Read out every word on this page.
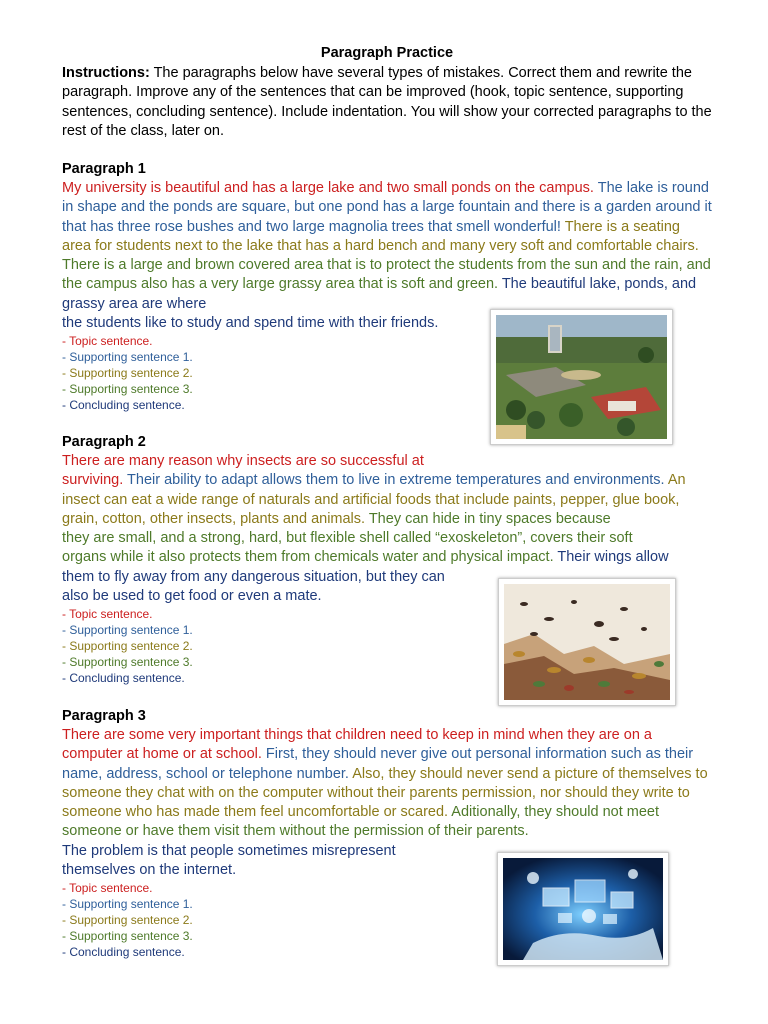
Paragraph Practice

Instructions: The paragraphs below have several types of mistakes. Correct them and rewrite the paragraph. Improve any of the sentences that can be improved (hook, topic sentence, supporting sentences, concluding sentence). Include indentation. You will show your corrected paragraphs to the rest of the class, later on.

Paragraph 1

My university is beautiful and has a large lake and two small ponds on the campus. The lake is round in shape and the ponds are square, but one pond has a large fountain and there is a garden around it that has three rose bushes and two large magnolia trees that smell wonderful! There is a seating area for students next to the lake that has a hard bench and many very soft and comfortable chairs. There is a large and brown covered area that is to protect the students from the sun and the rain, and the campus also has a very large grassy area that is soft and green. The beautiful lake, ponds, and grassy area are where
the students like to study and spend time with their friends.

- Topic sentence.
- Supporting sentence 1.
- Supporting sentence 2.
- Supporting sentence 3.
- Concluding sentence.
Paragraph 2

There are many reason why insects are so successful at
surviving. Their ability to adapt allows them to live in extreme temperatures and environments. An insect can eat a wide range of naturals and artificial foods that include paints, pepper, glue book, grain, cotton, other insects, plants and animals. They can hide in tiny spaces because
they are small, and a strong, hard, but flexible shell called “exoskeleton”, covers their soft
organs while it also protects them from chemicals water and physical impact. Their wings allow
them to fly away from any dangerous situation, but they can
also be used to get food or even a mate.

- Topic sentence.
- Supporting sentence 1.
- Supporting sentence 2.
- Supporting sentence 3.
- Concluding sentence.
Paragraph 3

There are some very important things that children need to keep in mind when they are on a computer at home or at school. First, they should never give out personal information such as their name, address, school or telephone number. Also, they should never send a picture of themselves to someone they chat with on the computer without their parents permission, nor should they write to someone who has made them feel uncomfortable or scared. Aditionally, they should not meet someone or have them visit them without the permission of their parents.
The problem is that people sometimes misrepresent
themselves on the internet.

- Topic sentence.
- Supporting sentence 1.
- Supporting sentence 2.
- Supporting sentence 3.
- Concluding sentence.
